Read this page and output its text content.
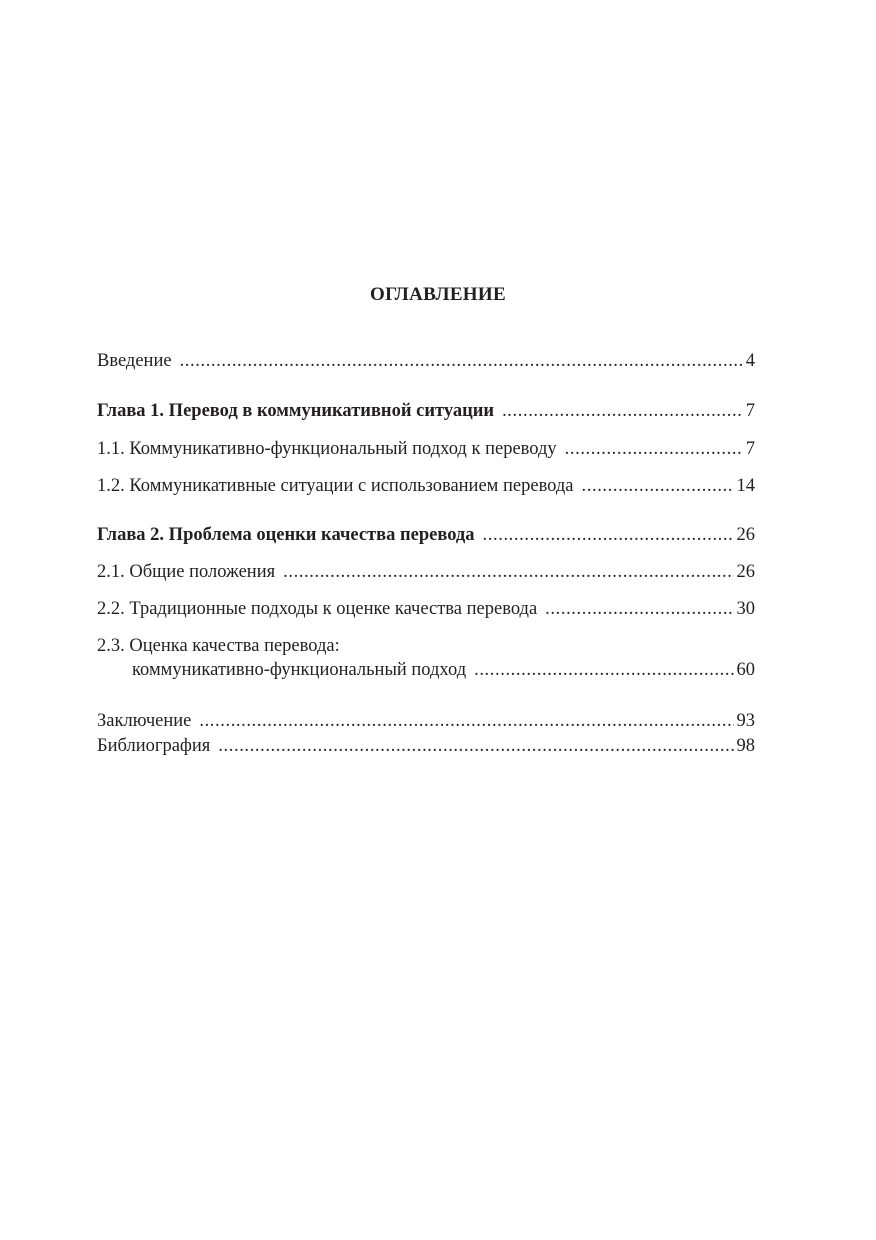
ОГЛАВЛЕНИЕ
Введение .....	4
Глава 1. Перевод в коммуникативной ситуации .....	7
1.1. Коммуникативно-функциональный подход к переводу .....	7
1.2. Коммуникативные ситуации с использованием перевода .....	14
Глава 2. Проблема оценки качества перевода .....	26
2.1. Общие положения .....	26
2.2. Традиционные подходы к оценке качества перевода .....	30
2.3. Оценка качества перевода:
коммуникативно-функциональный подход .....	60
Заключение .....	93
Библиография .....	98
